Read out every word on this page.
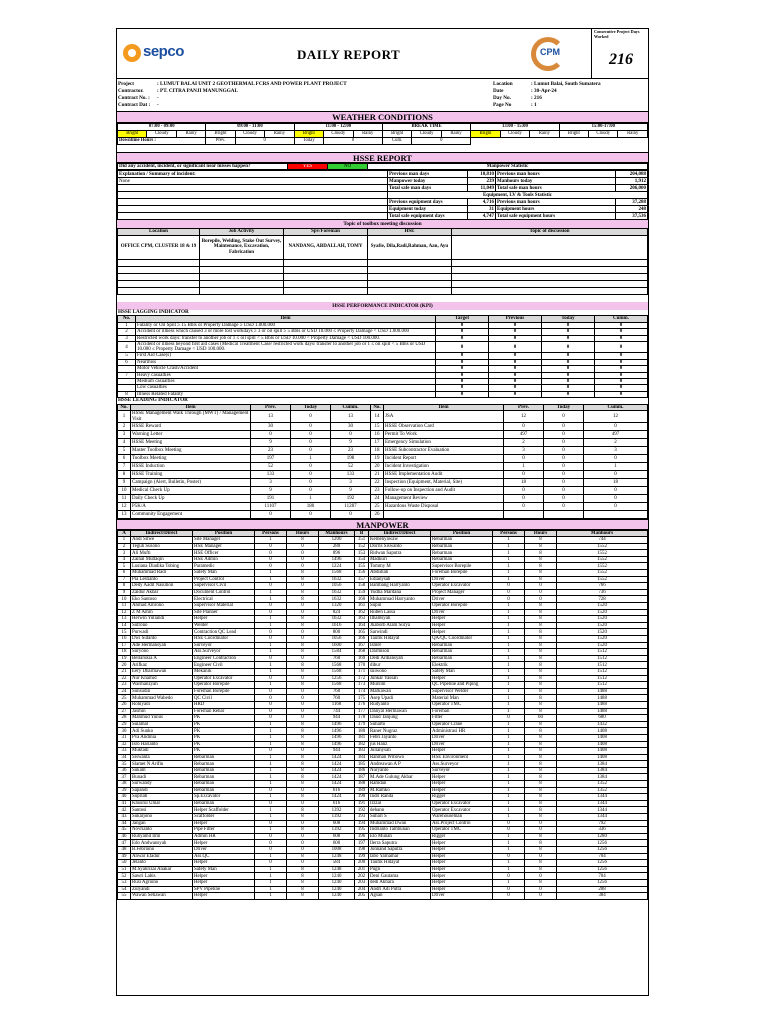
sepco	DAILY REPORT	CPM
Consecutive Project Days Worked
216
Project	: LUMUT BALAI UNIT 2 GEOTHERMAL FCRS AND POWER PLANT PROJECT	Location	: Lumut Balai, South Sumatera
Contractor.	: PT. CITRA PANJI MANUNGGAL	Date	: 30-Apr-24
Contract No. :	-	Day No.	: 216
Contract Dat :	-	Page No	: 1
WEATHER CONDITIONS
07:00 - 09:00			09:00 - 11:00			11:00 - 12:00			BREAK TIME			13:00 - 15:00			15:00-17:00		
Bright	Cloudy	Rainy	Bright	Cloudy	Rainy	Bright	Cloudy	Rainy	Bright	Cloudy	Rainy	Bright	Cloudy	Rainy	Bright	Cloudy	Rainy
Downtime Hours :			Prev.	0		Today	0		Cum.	0							
HSSE REPORT
Did any accident, incident, or significant near misses happen?	YES	NO	Manpower Statistic
Explanation / Summary of incident:	Previous man days	10,810	Previous man hours	204,088
None	Manpower today	239	Manhours today	1,912
	Total safe man days	11,049	Total safe man hours	206,000
	Equipment, LV & Tools Statistic			
	Previous equipment days	4,716	Previous man hours	37,288
	Equipment today	31	Equipment hours	248
	Total safe equipment days	4,747	Total safe equipment hours	37,536
Topic of toolbox meeting discussion
Location	Job Activity	Spv/Foreman	HSE	Topic of discussion
OFFICE CPM, CLUSTER 18 & 19	Borepile, Welding, Stake Out Survey, Maintenance, Excavation, Fabrication	NANDANG, ABDALLAH, TOMY	Syafie, Dila,Radi,Rahman, Aan, Ayu	

HSSE PERFORMANCE INDICATOR (KPI)
HSSE LAGGING INDICATOR
No.	Item	Target	Previous	Today	Cumm.
1	Fatality or Oil Spill ≥ 15 Bbls or Property Damage ≥ USD 1.000.000	0	0	0	0
2	Accident or illness which caused 3 or more lost workdays ≥ 3 or oil spill ≥ 5 Bbls or USD 10.000 ≤ Property Damage < USD 1.000.000	0	0	0	0
3	Restricted work days: transfer to another job or 1 ≤ oil spill < 5 Bbls or USD 10.000 < Property Damage < USD 100.000.	0	0	0	0
4	Accident or illness beyond first aid cases (Medical Treatment Case/ restricted work days/ transfer to another job or 1 ≤ oil spill < 5 Bbls or USD 10.000 ≤ Property Damage < USD 100.000.	0	0	0	0
5	First Aid Case(s)	0	0	0	0
6	Nearmiss	0	0	0	0
	Motor Vehicle Crash/Accident	0	0	0	0
7	Heavy casualties	0	0	0	0
	Medium casualties	0	0	0	0
	Low casualties	0	0	0	0
8	Illness Related Fatality	0	0	0	0
HSSE LEADING INDICATOR
No.	Item	Prev.	Today	Cumm.	No.	Item	Prev.	Today	Cumm.
1	HSSE Management Walk Through (MWT) / Management Visit	13	0	13	14	JSA	12	0	12
2	HSSE Reward	30	0	30	15	HSSE Observation Card	0	0	0
3	Warning Letter	0	0	0	16	Permit To Work	497	0	497
4	HSSE Meeting	9	0	9	17	Emergency Simulation	2	0	2
5	Master Toolbox Meeting	23	0	23	18	HSSE Subcontractor Evaluation	3	0	3
6	Toolbox Meeting	197	1	198	19	Incident Report	0	0	0
7	HSSE Induction	52	0	52	20	Incident Investigation	1	0	1
8	HSSE Training	133	0	133	21	HSSE Implementation Audit	0	0	0
9	Campaign (Alert, Bulletin, Poster)	3	0	3	22	Inspection (Equipment, Material, Site)	18	0	18
10	Medical Check Up	9	0	9	23	Follow-up on Inspection and Audit	0	0	0
11	Daily Check Up	191	1	192	24	Management Review	0	0	0
12	P5K/A	11107	180	11287	25	Hazardous Waste Disposal	0	0	0
13	Community Engagement	0	0	0	26				
MANPOWER
A	Indirect/Direct	Position	Persons	Hours	Manhours	B	Indirect/Direct	Position	Persons	Hours	Manhours
1	Andi Sitwe	Site Manager	1	8	1200	151	Kemenyawaw	Rebarman	1	8	744
2	Teguh Susono	HSE Manager	0	0	280	152	Dorris Siswanto	Rebarman	1	8	1552
3	Ali Mufti	HSE Officer	0	0	896	153	Ridwan Saputra	Rebarman	1	8	1552
4	Zainal Muttaqin	HSE Admin	0	0	1496	154	Madkuri	Rebarman	1	8	1552
5	Lusiana Diadika Tobing	Paramedic	0	0	1224	155	Tommy M	Supervisor Borepile	1	8	1552
6	Muhammad Radi	Safety Man	1	8	1568	156	Abdullah	Foreman Borepile	1	8	1552
7	Pia Lestianto	Project Control	1	8	1632	157	Edianysah	Driver	1	8	1552
8	Dedy Aadit Nasution	Supervisor Civil	0	0	1056	158	Bambang Harryanto	Operator Excavator	0	0	766
9	Zaidur Akbar	Document Control	1	8	1632	159	Yudha Mardana	Project Manager	0	0	736
10	Eko Santoso	Electrical	1	8	1632	160	Muhammad Harryanto	Driver	0	0	728
11	Ahmad Amrono	Supervisor Material	0	0	1320	161	Supul	Operator Borepile	1	8	1520
12	Z M Amin	Site Planner	0	0	824	162	Ruben Lassa	Driver	1	8	1520
13	Herwin Yuliandi	Helper	1	8	1632	163	Ilhamsyah	Helper	1	8	1520
14	Sutrono	Welder	1	8	1616	164	Jhaborb Alam Surya	Helper	1	8	1520
15	Purwadi	Contraction QC Lead	0	0	800	165	Sarwindi	Helper	1	8	1520
16	Dwi Sutanto	HSE Coordinator	0	0	1056	166	Taufik Hidayat	QA/QC Coordinator	1	8	1520
17	Ade Hermansyah	Surveyor	1	8	1600	167	Ismet	Rebarman	1	8	1520
18	Suryono	Ass.Surveyor	1	8	1584	168	Darmison	Rebarman	1	8	1512
19	Bellarukia A	Engineer Contraction	0	0	760	169	Dedi Ardiansyah	Rebarman	1	8	1512
20	Arifkaz	Engineer Civil	1	8	1568	170	dibur	Elektrik	1	8	1512
21	Eery Dharmawan	Mekanik	1	8	1568	171	suiwono	Safety Man	1	8	1512
22	Nur Khamid	Operator Excavator	0	0	1256	172	Juhkar Yassah	Helper	1	8	1512
23	Warmanzyah	Operator Borepile	1	8	1568	173	Mursim	QC Pipeline and Piping	1	8	1512
24	Sunsudin	Foreman Borepile	0	0	760	174	Markawan	Supervisor Welder	1	8	1488
25	Muhammad Wahedo	QC Civil	0	0	760	175	Asep Upadi	Material Man	1	8	1488
26	Rohiyadi	HRD	0	0	1168	176	Rudyanto	Operator TMC	1	8	1488
27	Jasmin	Foreman Rebar	0	0	744	177	Danyal Hermawan	Foreman	1	8	1488
28	Mahmud Yunus	PK	0	0	944	178	Daud Tanjung	Fitter	0	60	680
29	Sulamat	PK	1	8	1496	179	Suharto	Operator Crane	1	8	1432
30	Adi Sunko	PK	1	8	1496	180	Raner Nugraz	Administrasi HR	1	8	1408
31	Pva Andinia	PK	1	8	1496	181	Febri Jayanto	Driver	1	8	1408
32	Isro Harianto	PK	1	8	1496	182	jus Hanz	Driver	1	8	1408
33	Muktadi	PK	0	0	944	183	Julianysah	Helper	1	8	1408
34	Siswanta	Rebarman	1	8	1424	184	Rahman Wibowo	HSE Environment	1	8	1408
35	Slamet N Arifin	Rebarman	1	8	1424	185	Andreawan A P	Ass.Surveyor	1	8	1384
36	Sukam	Rebarman	1	8	1424	186	Nuryanto	Surveyor	1	8	1384
37	Bunadi	Rebarman	1	8	1424	187	M.Ade Gulung Akbar	Helper	1	8	1384
38	Surwandy	Rebarman	1	8	1424	188	Ramdan	Helper	1	8	1352
39	Sapandi	Rebarman	0	0	616	189	M.Ramko	Helper	1	8	1352
40	Supriati	Sp.Excavator	1	8	1424	190	Indri Randa	Rigger	1	8	1344
41	Khusrul Umar	Rebarman	0	0	616	191	Irzzal	Operator Excavator	1	8	1344
42	Santosi	Helper Scaffolder	1	8	1392	192	dehann	Operator Excavator	1	8	1344
43	Sukarjono	Scaffolder	1	8	1392	193	Suhari S	Warehouseman	1	8	1344
44	Jangan	Helper	0	0	608	194	Muhammad Irwan	Ass.Project Control	0	0	792
45	Novrianto	Pipe Fitter	1	8	1392	195	Indrianto Tambunan	Operator TMC	0	0	336
46	Ruhyamd Ilmi	Admin HR	0	0	608	196	Elo Munah	Rigger	1	8	1280
47	Edo Andwansyah	Helper	0	0	600	197	Ilerra Saputra	Helper	1	8	1256
48	B.Febriono	Driver	0	0	1008	198	Jonnand Saputra	Helper	1	8	1256
49	Anwar Efadur	Ass.QC	1	8	1248	199	tabo Yarnamar	Helper	0	0	704
50	Jelanto	Helper	0	0	584	200	Taufik Hidayat	Helper	1	8	1256
51	M.Syahrizal Anakar	Safety Man	1	8	1248	201	Pugn	Helper	1	8	1256
52	Sawri Labis	Helper	1	8	1240	202	Deni Gautama	Helper	0	0	704
53	Rusi Agriono	Helper	1	8	1240	203	dedi Akbara	Helper	1	8	1256
54	Zulyandi	SPV Pipeline	1	8	1240	204	Andri Adi Putra	Helper	0	0	208
55	Wawan Setiawan	Helper	1	8	1240	205	Agsan	Driver	0	0	384
